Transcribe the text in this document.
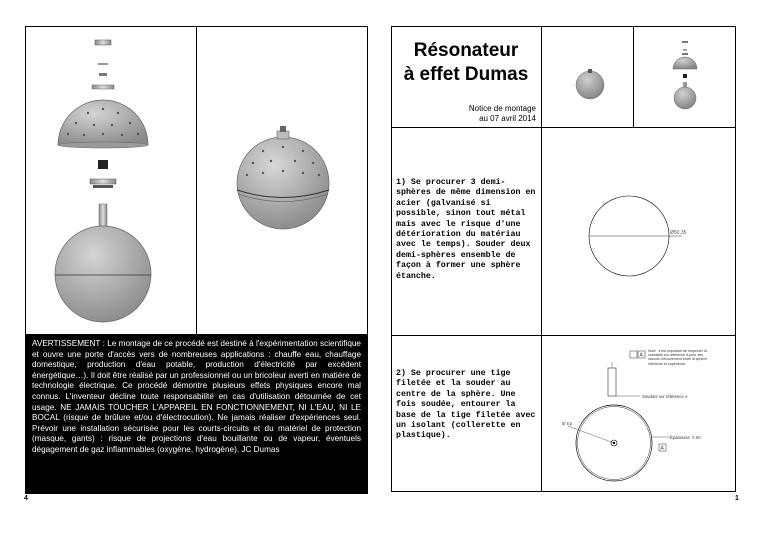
AVERTISSEMENT : Le montage de ce procédé est destiné à l'expérimentation scientifique et ouvre une porte d'accès vers de nombreuses applications : chauffe eau, chauffage domestique, production d'eau potable, production d'électricité par excédent énergétique…). Il doit être réalisé par un professionnel ou un bricoleur averti en matière de technologie électrique. Ce procédé démontre plusieurs effets physiques encore mal connus. L'inventeur décline toute responsabilité en cas d'utilisation détournée de cet usage. NE JAMAIS TOUCHER L'APPAREIL EN FONCTIONNEMENT, NI L'EAU, NI LE BOCAL (risque de brûlure et/ou d'électrocution). Ne jamais réaliser d'expériences seul. Prévoir une installation sécurisée pour les courts-circuits et du matériel de protection (masque, gants) : risque de projections d'eau bouillante ou de vapeur, éventuels dégagement de gaz inflammables (oxygène, hydrogène). JC Dumas
4
Résonateur
à effet Dumas
Notice de montage
au 07 avril 2014
1) Se procurer 3 demi-sphères de même dimension en acier (galvanisé si possible, sinon tout métal mais avec le risque d'une détérioration du matériau avec le temps). Souder deux demi-sphères ensemble de façon à former une sphère étanche.
Ø50.35
2) Se procurer une tige filetée et la souder au centre de la sphère. Une fois soudée, entourer la base de la tige filetée avec un isolant (collerette en plastique).
A
Note : il est important de respecter la coaxialité sur référence A pour des raisons d'écoulement entre la sphère inférieure et supérieure.
Soudure sur référence A
Ø Ep
Épaisseur 0.90
A
1
